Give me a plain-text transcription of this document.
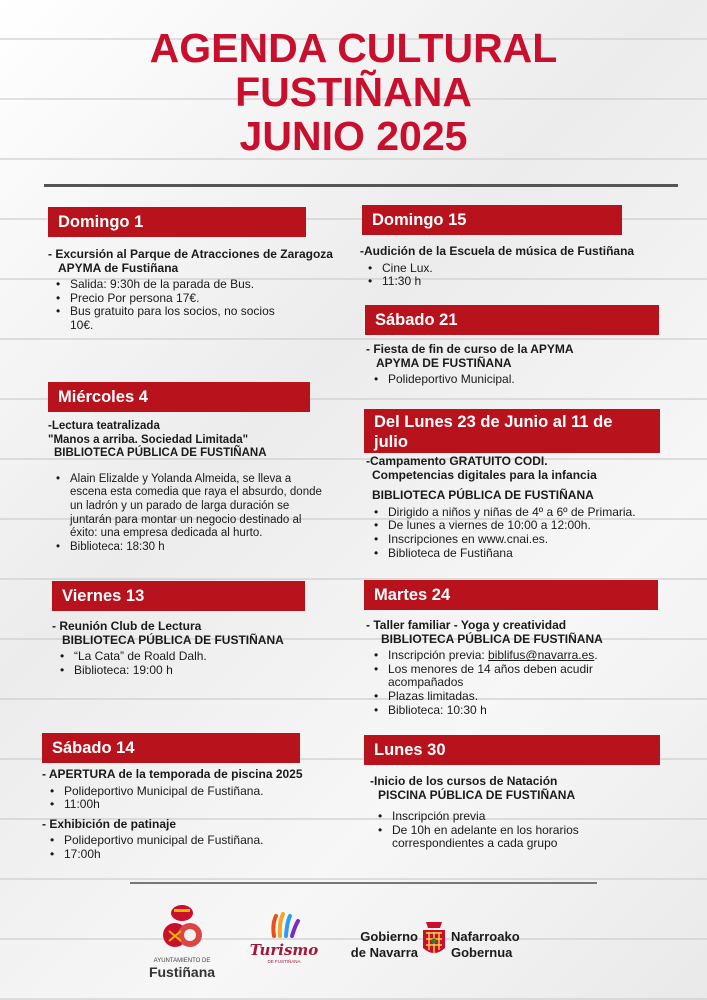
AGENDA CULTURAL
FUSTIÑANA
JUNIO 2025
Domingo 1
- Excursión al Parque de Atracciones de Zaragoza
APYMA de Fustiñana
• Salida: 9:30h de la parada de Bus.
• Precio Por persona 17€.
• Bus gratuito para los socios, no socios 10€.
Miércoles 4
-Lectura teatralizada
"Manos a arriba. Sociedad Limitada"
BIBLIOTECA PÚBLICA DE FUSTIÑANA
• Alain Elizalde y Yolanda Almeida, se lleva a escena esta comedia que raya el absurdo, donde un ladrón y un parado de larga duración se juntarán para montar un negocio destinado al éxito: una empresa dedicada al hurto.
• Biblioteca: 18:30 h
Viernes 13
- Reunión Club de Lectura
BIBLIOTECA PÚBLICA DE FUSTIÑANA
• “La Cata” de Roald Dalh.
• Biblioteca: 19:00 h
Sábado 14
- APERTURA de la temporada de piscina 2025
• Polideportivo Municipal de Fustiñana.
• 11:00h
- Exhibición de patinaje
• Polideportivo municipal de Fustiñana.
• 17:00h
Domingo 15
-Audición de la Escuela de música de Fustiñana
• Cine Lux.
• 11:30 h
Sábado 21
- Fiesta de fin de curso de la APYMA
APYMA DE FUSTIÑANA
• Polideportivo Municipal.
Del Lunes 23 de Junio al 11 de julio
-Campamento GRATUITO CODI.
Competencias digitales para la infancia
BIBLIOTECA PÚBLICA DE FUSTIÑANA
• Dirigido a niños y niñas de 4º a 6º de Primaria.
• De lunes a viernes de 10:00 a 12:00h.
• Inscripciones en www.cnai.es.
• Biblioteca de Fustiñana
Martes 24
- Taller familiar - Yoga y creatividad
BIBLIOTECA PÚBLICA DE FUSTIÑANA
• Inscripción previa: biblifus@navarra.es.
• Los menores de 14 años deben acudir acompañados
• Plazas limitadas.
• Biblioteca: 10:30 h
Lunes 30
-Inicio de los cursos de Natación
PISCINA PÚBLICA DE FUSTIÑANA
• Inscripción previa
• De 10h en adelante en los horarios correspondientes a cada grupo
AYUNTAMIENTO DE
Fustiñana
Turismo
DE FUSTIÑANA
Gobierno
de Navarra
Nafarroako
Gobernua
